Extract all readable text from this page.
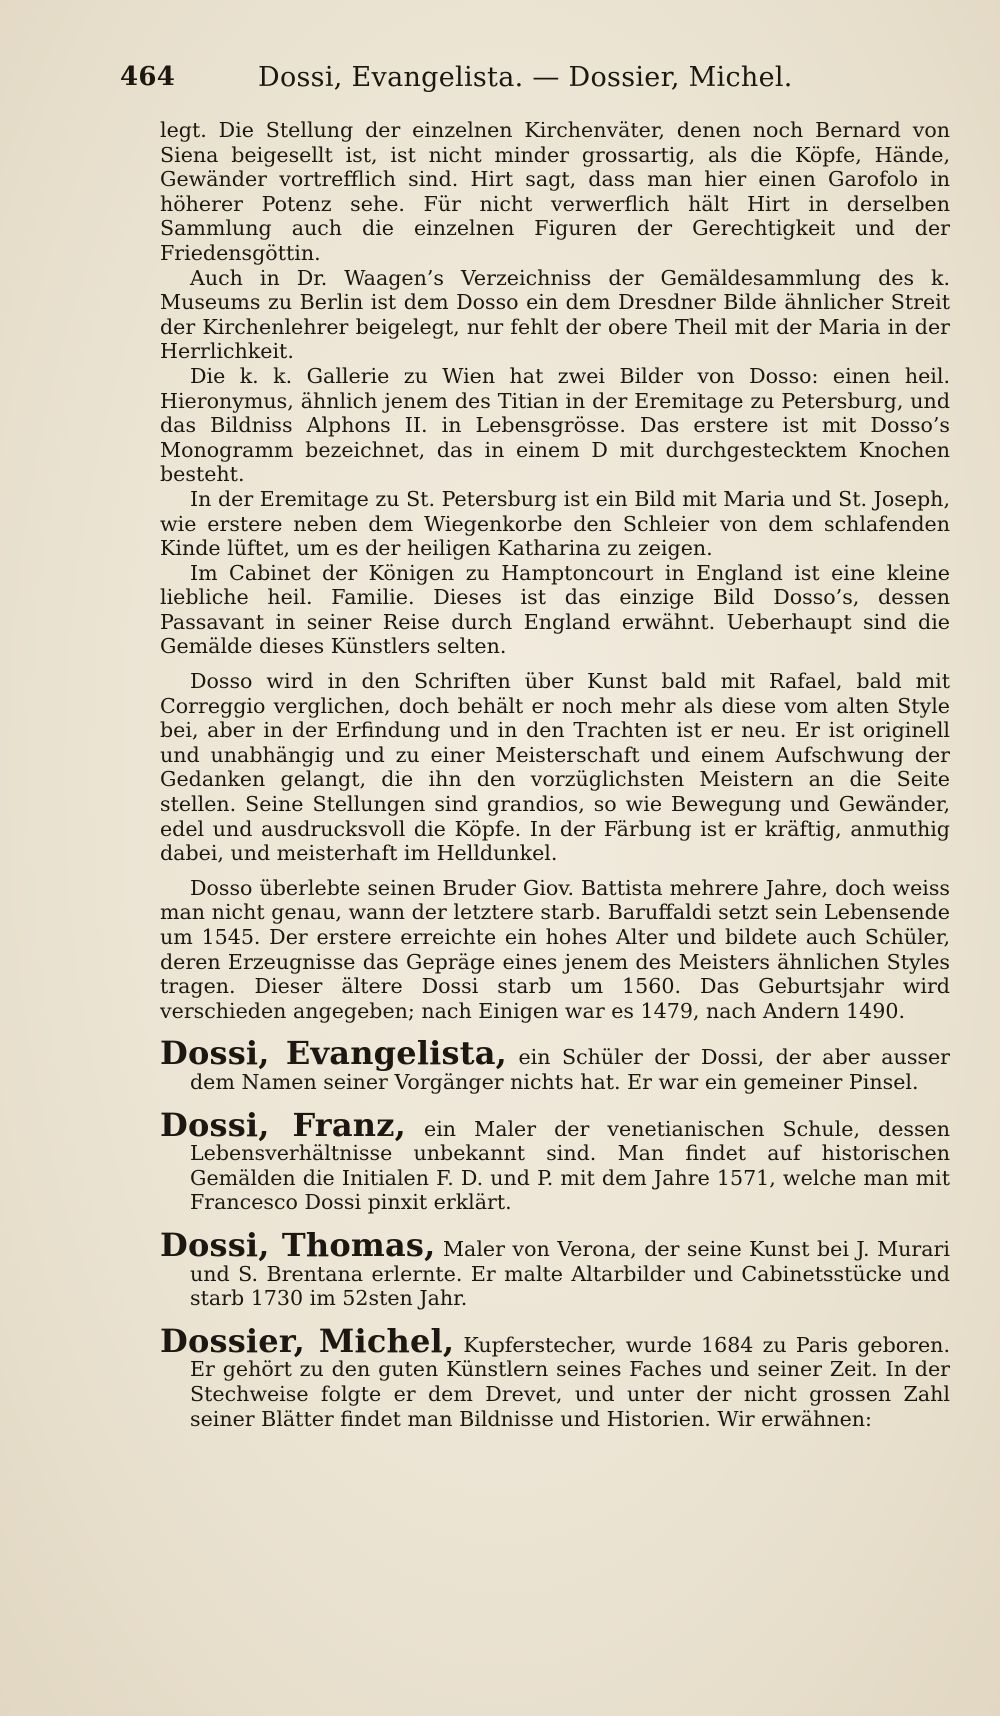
464	Dossi, Evangelista. — Dossier, Michel.

legt. Die Stellung der einzelnen Kirchenväter, denen noch Bernard von Siena beigesellt ist, ist nicht minder grossartig, als die Köpfe, Hände, Gewänder vortrefflich sind. Hirt sagt, dass man hier einen Garofolo in höherer Potenz sehe. Für nicht verwerflich hält Hirt in derselben Sammlung auch die einzelnen Figuren der Gerechtigkeit und der Friedensgöttin.

Auch in Dr. Waagen’s Verzeichniss der Gemäldesammlung des k. Museums zu Berlin ist dem Dosso ein dem Dresdner Bilde ähnlicher Streit der Kirchenlehrer beigelegt, nur fehlt der obere Theil mit der Maria in der Herrlichkeit.

Die k. k. Gallerie zu Wien hat zwei Bilder von Dosso: einen heil. Hieronymus, ähnlich jenem des Titian in der Eremitage zu Petersburg, und das Bildniss Alphons II. in Lebensgrösse. Das erstere ist mit Dosso’s Monogramm bezeichnet, das in einem D mit durchgestecktem Knochen besteht.

In der Eremitage zu St. Petersburg ist ein Bild mit Maria und St. Joseph, wie erstere neben dem Wiegenkorbe den Schleier von dem schlafenden Kinde lüftet, um es der heiligen Katharina zu zeigen.

Im Cabinet der Königen zu Hamptoncourt in England ist eine kleine liebliche heil. Familie. Dieses ist das einzige Bild Dosso’s, dessen Passavant in seiner Reise durch England erwähnt. Ueberhaupt sind die Gemälde dieses Künstlers selten.

Dosso wird in den Schriften über Kunst bald mit Rafael, bald mit Correggio verglichen, doch behält er noch mehr als diese vom alten Style bei, aber in der Erfindung und in den Trachten ist er neu. Er ist originell und unabhängig und zu einer Meisterschaft und einem Aufschwung der Gedanken gelangt, die ihn den vorzüglichsten Meistern an die Seite stellen. Seine Stellungen sind grandios, so wie Bewegung und Gewänder, edel und ausdrucksvoll die Köpfe. In der Färbung ist er kräftig, anmuthig dabei, und meisterhaft im Helldunkel.

Dosso überlebte seinen Bruder Giov. Battista mehrere Jahre, doch weiss man nicht genau, wann der letztere starb. Baruffaldi setzt sein Lebensende um 1545. Der erstere erreichte ein hohes Alter und bildete auch Schüler, deren Erzeugnisse das Gepräge eines jenem des Meisters ähnlichen Styles tragen. Dieser ältere Dossi starb um 1560. Das Geburtsjahr wird verschieden angegeben; nach Einigen war es 1479, nach Andern 1490.

Dossi, Evangelista, ein Schüler der Dossi, der aber ausser dem Namen seiner Vorgänger nichts hat. Er war ein gemeiner Pinsel.

Dossi, Franz, ein Maler der venetianischen Schule, dessen Lebensverhältnisse unbekannt sind. Man findet auf historischen Gemälden die Initialen F. D. und P. mit dem Jahre 1571, welche man mit Francesco Dossi pinxit erklärt.

Dossi, Thomas, Maler von Verona, der seine Kunst bei J. Murari und S. Brentana erlernte. Er malte Altarbilder und Cabinetsstücke und starb 1730 im 52sten Jahr.

Dossier, Michel, Kupferstecher, wurde 1684 zu Paris geboren. Er gehört zu den guten Künstlern seines Faches und seiner Zeit. In der Stechweise folgte er dem Drevet, und unter der nicht grossen Zahl seiner Blätter findet man Bildnisse und Historien. Wir erwähnen:
